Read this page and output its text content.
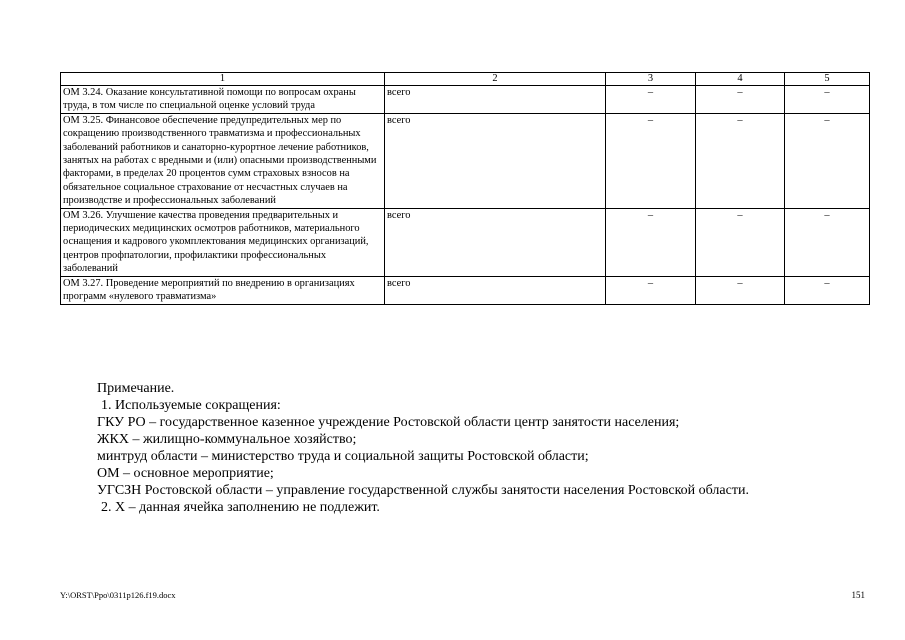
1	2	3	4	5
ОМ 3.24. Оказание консультативной помощи по вопросам охраны труда, в том числе по специальной оценке условий труда	всего	–	–	–
ОМ 3.25. Финансовое обеспечение предупредительных мер по сокращению производственного травматизма и профессиональных заболеваний работников и санаторно-курортное лечение работников, занятых на работах с вредными и (или) опасными производственными факторами, в пределах 20 процентов сумм страховых взносов на обязательное социальное страхование от несчастных случаев на производстве и профессиональных заболеваний	всего	–	–	–
ОМ 3.26. Улучшение качества проведения предварительных и периодических медицинских осмотров работников, материального оснащения и кадрового укомплектования медицинских организаций, центров профпатологии, профилактики профессиональных заболеваний	всего	–	–	–
ОМ 3.27. Проведение мероприятий по внедрению в организациях программ «нулевого травматизма»	всего	–	–	–
Примечание.
1. Используемые сокращения:
ГКУ РО – государственное казенное учреждение Ростовской области центр занятости населения;
ЖКХ – жилищно-коммунальное хозяйство;
минтруд области – министерство труда и социальной защиты Ростовской области;
ОМ – основное мероприятие;
УГСЗН Ростовской области – управление государственной службы занятости населения Ростовской области.
2. Х – данная ячейка заполнению не подлежит.
Y:\ORST\Ppo\0311p126.f19.docx	151
